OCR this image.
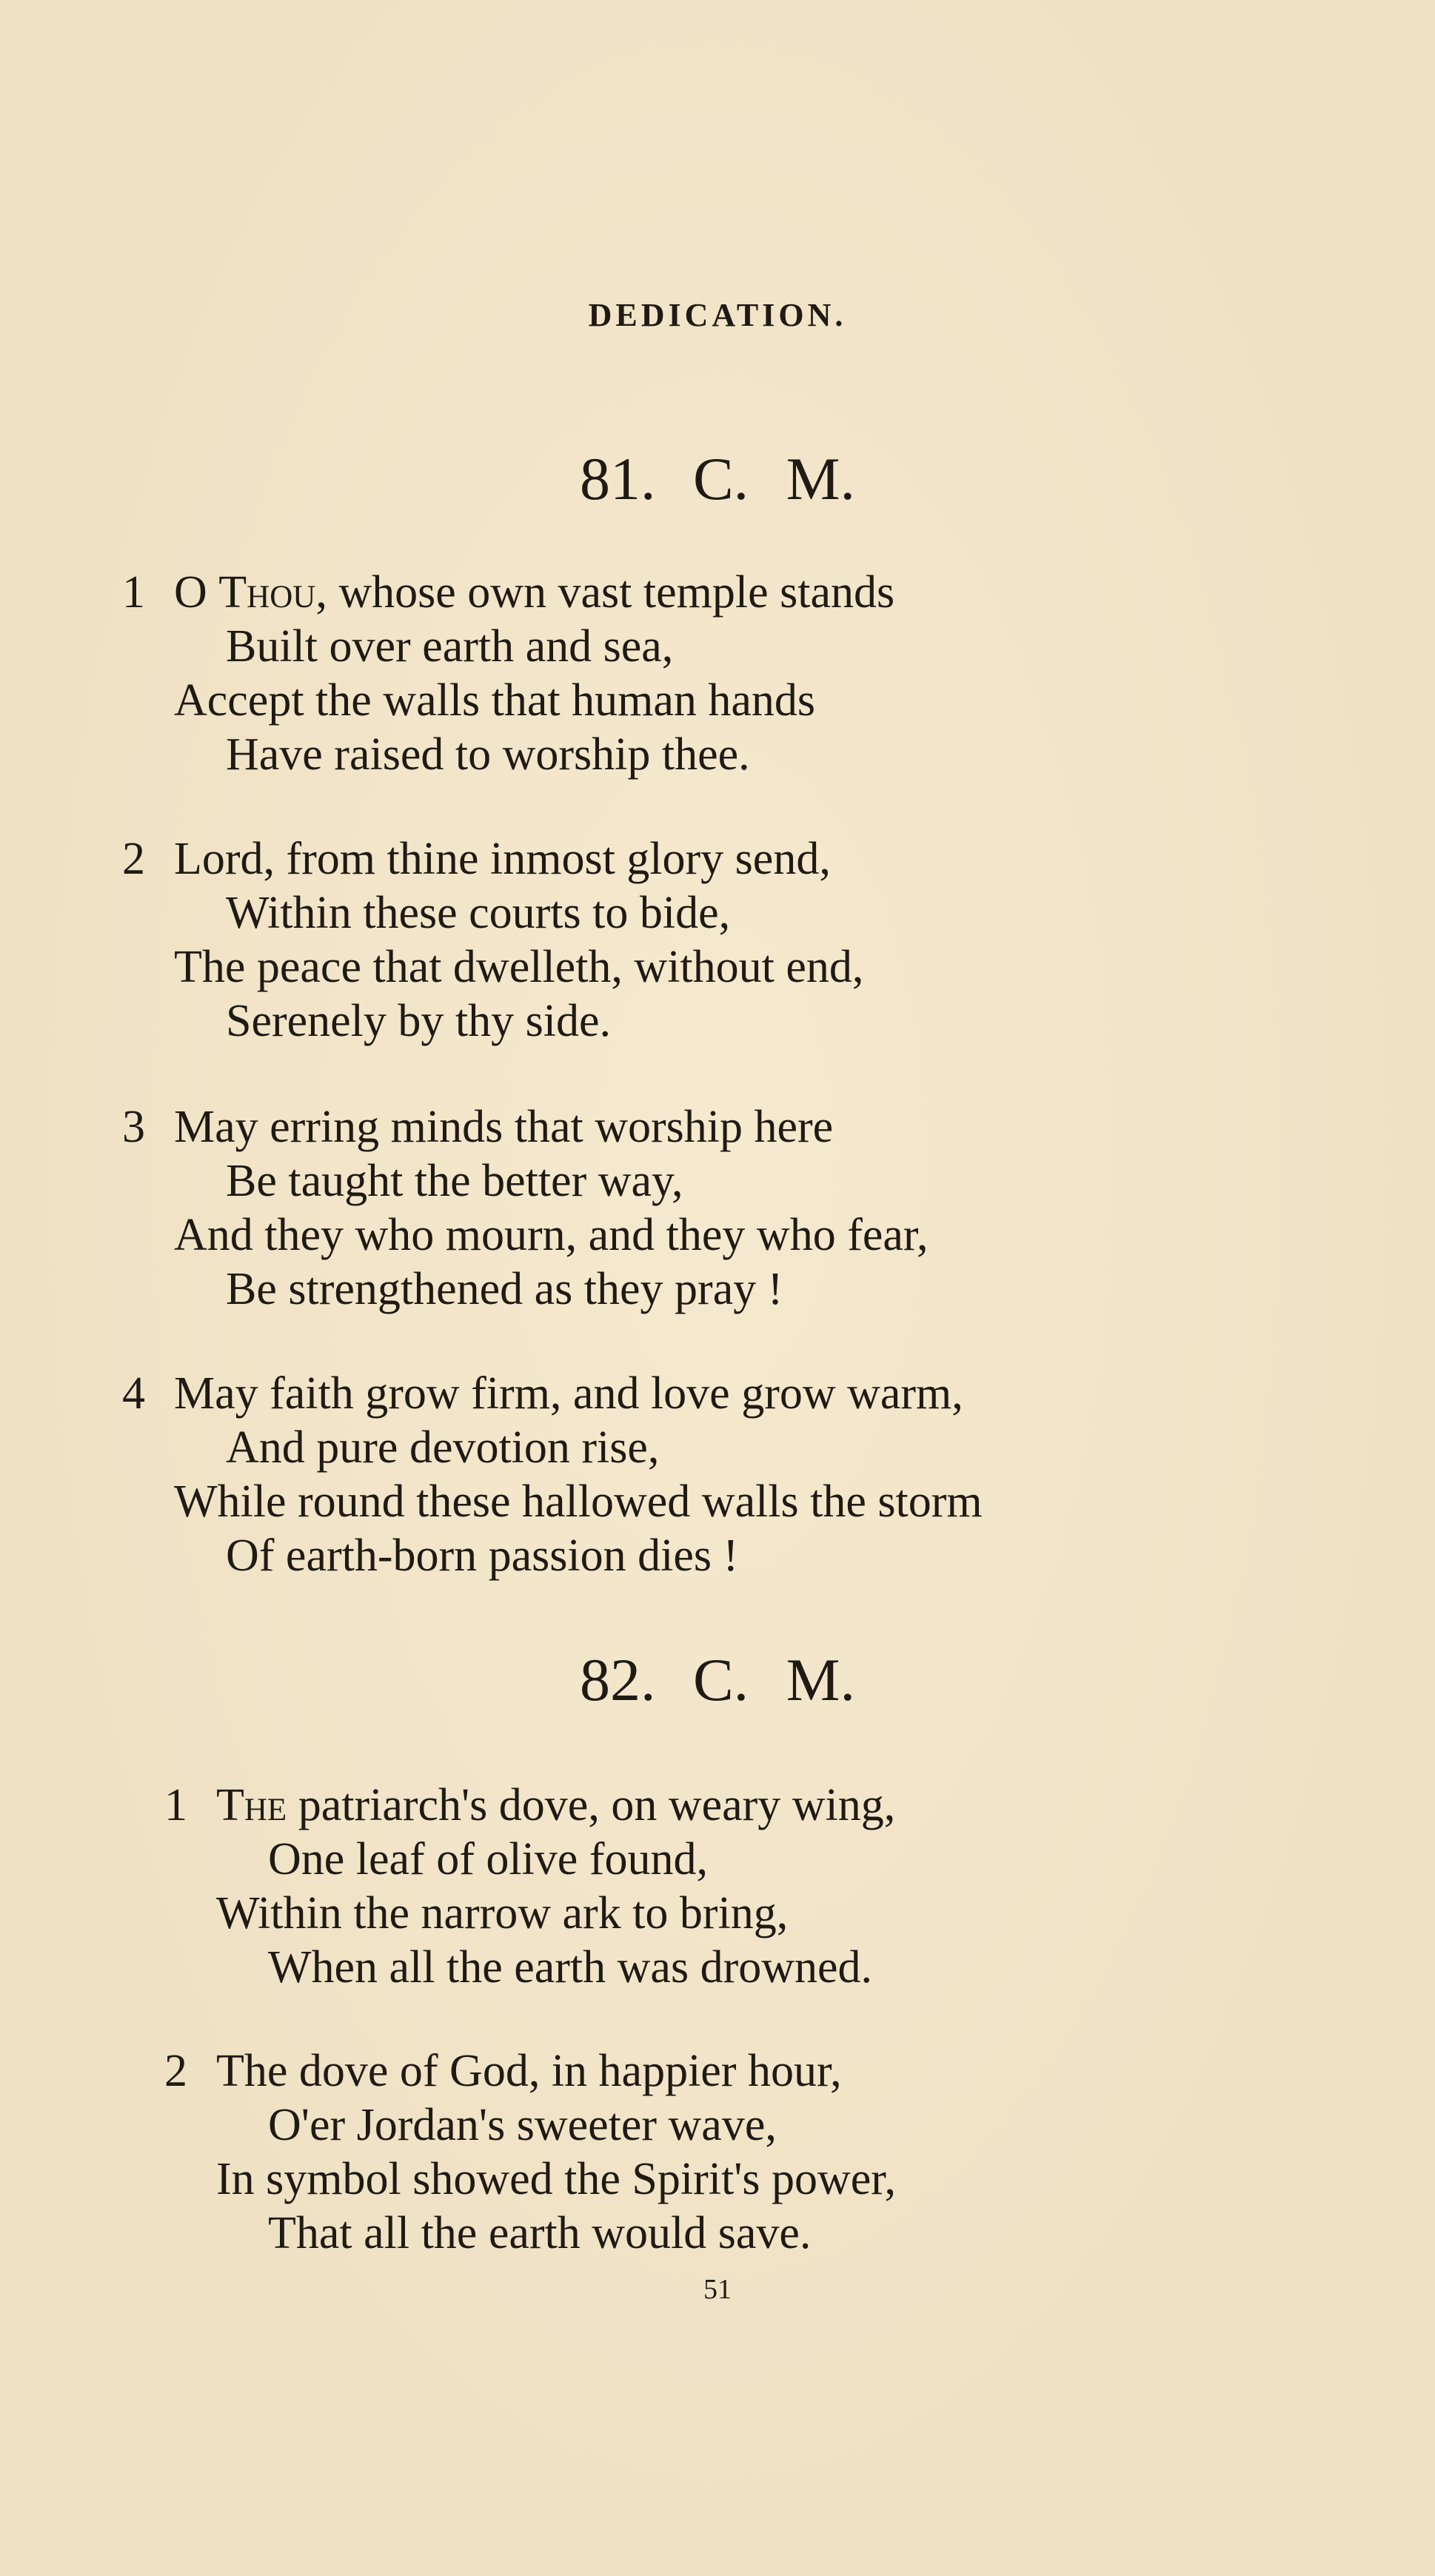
DEDICATION.
81. C. M.
1 O Thou, whose own vast temple stands
Built over earth and sea,
Accept the walls that human hands
Have raised to worship thee.
2 Lord, from thine inmost glory send,
Within these courts to bide,
The peace that dwelleth, without end,
Serenely by thy side.
3 May erring minds that worship here
Be taught the better way,
And they who mourn, and they who fear,
Be strengthened as they pray !
4 May faith grow firm, and love grow warm,
And pure devotion rise,
While round these hallowed walls the storm
Of earth-born passion dies !
82. C. M.
1 The patriarch's dove, on weary wing,
One leaf of olive found,
Within the narrow ark to bring,
When all the earth was drowned.
2 The dove of God, in happier hour,
O'er Jordan's sweeter wave,
In symbol showed the Spirit's power,
That all the earth would save.
51
